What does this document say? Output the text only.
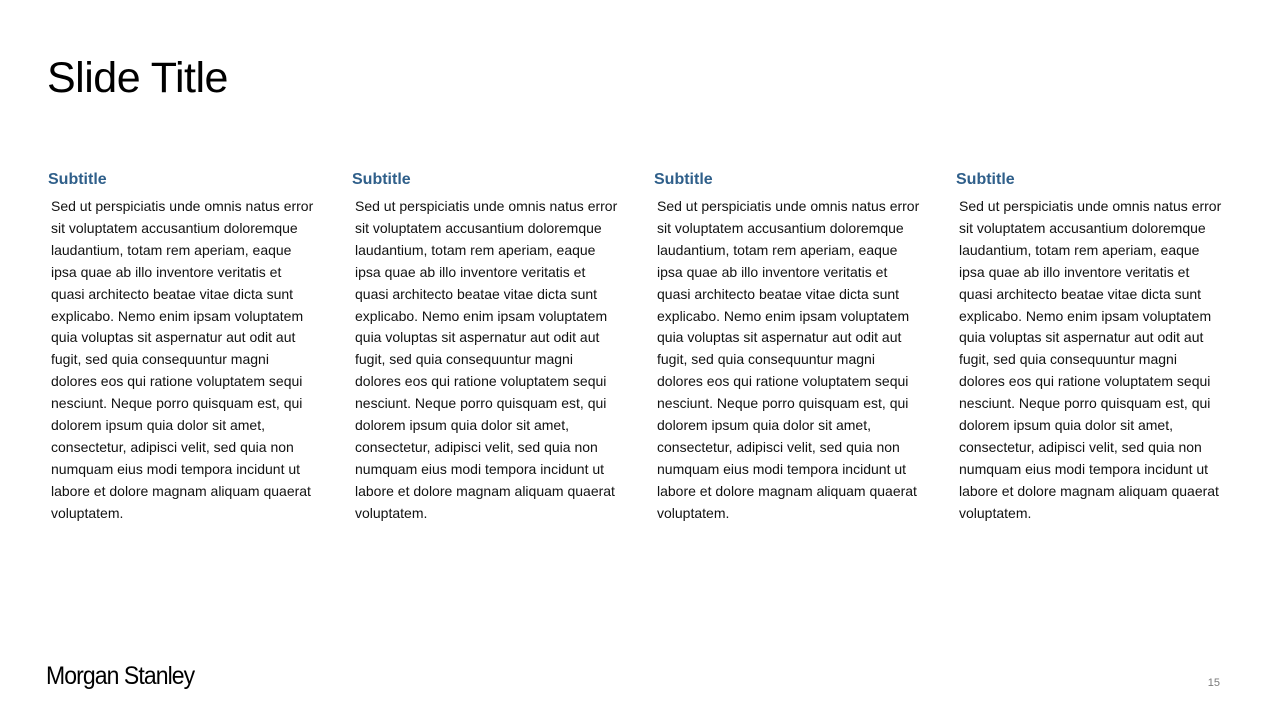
Slide Title
Subtitle

Sed ut perspiciatis unde omnis natus error sit voluptatem accusantium doloremque laudantium, totam rem aperiam, eaque ipsa quae ab illo inventore veritatis et quasi architecto beatae vitae dicta sunt explicabo. Nemo enim ipsam voluptatem quia voluptas sit aspernatur aut odit aut fugit, sed quia consequuntur magni dolores eos qui ratione voluptatem sequi nesciunt. Neque porro quisquam est, qui dolorem ipsum quia dolor sit amet, consectetur, adipisci velit, sed quia non numquam eius modi tempora incidunt ut labore et dolore magnam aliquam quaerat voluptatem.

Subtitle

Sed ut perspiciatis unde omnis natus error sit voluptatem accusantium doloremque laudantium, totam rem aperiam, eaque ipsa quae ab illo inventore veritatis et quasi architecto beatae vitae dicta sunt explicabo. Nemo enim ipsam voluptatem quia voluptas sit aspernatur aut odit aut fugit, sed quia consequuntur magni dolores eos qui ratione voluptatem sequi nesciunt. Neque porro quisquam est, qui dolorem ipsum quia dolor sit amet, consectetur, adipisci velit, sed quia non numquam eius modi tempora incidunt ut labore et dolore magnam aliquam quaerat voluptatem.

Subtitle

Sed ut perspiciatis unde omnis natus error sit voluptatem accusantium doloremque laudantium, totam rem aperiam, eaque ipsa quae ab illo inventore veritatis et quasi architecto beatae vitae dicta sunt explicabo. Nemo enim ipsam voluptatem quia voluptas sit aspernatur aut odit aut fugit, sed quia consequuntur magni dolores eos qui ratione voluptatem sequi nesciunt. Neque porro quisquam est, qui dolorem ipsum quia dolor sit amet, consectetur, adipisci velit, sed quia non numquam eius modi tempora incidunt ut labore et dolore magnam aliquam quaerat voluptatem.

Subtitle

Sed ut perspiciatis unde omnis natus error sit voluptatem accusantium doloremque laudantium, totam rem aperiam, eaque ipsa quae ab illo inventore veritatis et quasi architecto beatae vitae dicta sunt explicabo. Nemo enim ipsam voluptatem quia voluptas sit aspernatur aut odit aut fugit, sed quia consequuntur magni dolores eos qui ratione voluptatem sequi nesciunt. Neque porro quisquam est, qui dolorem ipsum quia dolor sit amet, consectetur, adipisci velit, sed quia non numquam eius modi tempora incidunt ut labore et dolore magnam aliquam quaerat voluptatem.

Morgan Stanley	15
